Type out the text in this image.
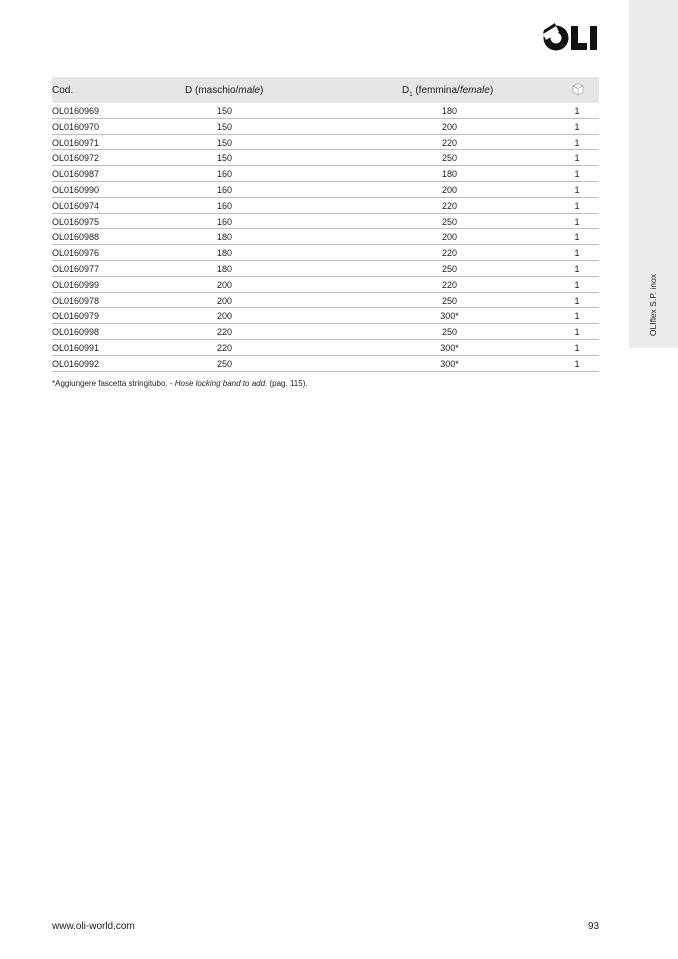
OLIflex S.P. inox
Cod.	D (maschio/male)	$D_1$ (femmina/female)
OL0160969	150	180	1
OL0160970	150	200	1
OL0160971	150	220	1
OL0160972	150	250	1
OL0160987	160	180	1
OL0160990	160	200	1
OL0160974	160	220	1
OL0160975	160	250	1
OL0160988	180	200	1
OL0160976	180	220	1
OL0160977	180	250	1
OL0160999	200	220	1
OL0160978	200	250	1
OL0160979	200	300*	1
OL0160998	220	250	1
OL0160991	220	300*	1
OL0160992	250	300*	1
*Aggiungere fascetta stringitubo. - Hose locking band to add. (pag. 115).
www.oli-world.com	93
